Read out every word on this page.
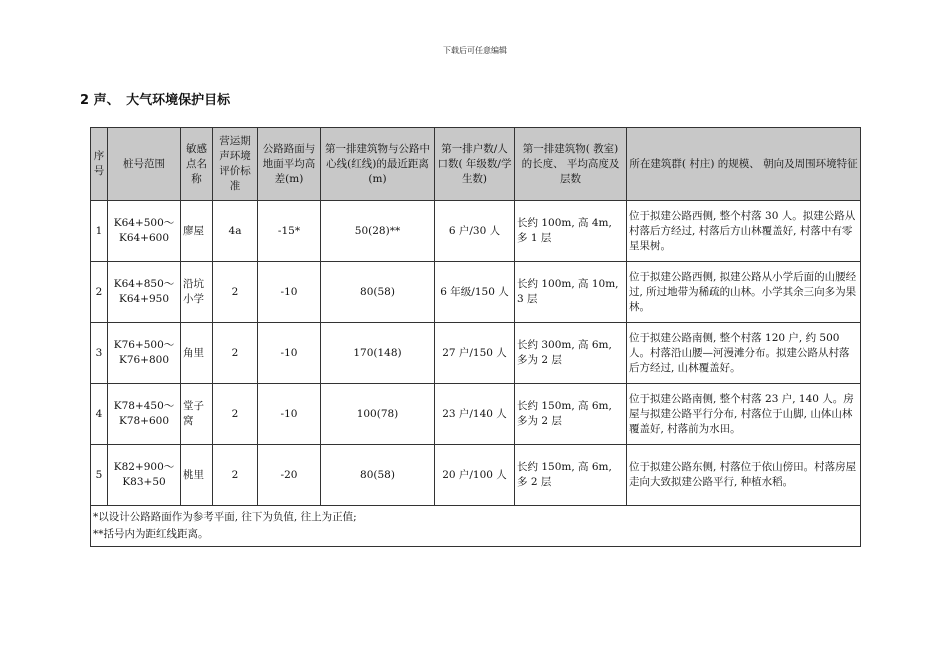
下载后可任意编辑
2 声、　大气环境保护目标
序号	桩号范围	敏感点名称	营运期声环境评价标准	公路路面与地面平均高差(m)	第一排建筑物与公路中心线(红线)的最近距离(m)	第一排户数/人口数( 年级数/学生数)	第一排建筑物( 教室) 的长度、 平均高度及层数	所在建筑群( 村庄) 的规模、 朝向及周围环境特征
1	K64+500～K64+600	廖屋	4a	-15*	50(28)**	6 户/30 人	长约 100m, 高 4m, 多 1 层	位于拟建公路西侧, 整个村落 30 人。拟建公路从村落后方经过, 村落后方山林覆盖好, 村落中有零星果树。
2	K64+850～K64+950	沿坑小学	2	-10	80(58)	6 年级/150 人	长约 100m, 高 10m, 3 层	位于拟建公路西侧, 拟建公路从小学后面的山腰经过, 所过地带为稀疏的山林。小学其余三向多为果林。
3	K76+500～K76+800	角里	2	-10	170(148)	27 户/150 人	长约 300m, 高 6m, 多为 2 层	位于拟建公路南侧, 整个村落 120 户, 约 500 人。村落沿山腰—河漫滩分布。拟建公路从村落后方经过, 山林覆盖好。
4	K78+450～K78+600	堂子窝	2	-10	100(78)	23 户/140 人	长约 150m, 高 6m, 多为 2 层	位于拟建公路南侧, 整个村落 23 户, 140 人。房屋与拟建公路平行分布, 村落位于山脚, 山体山林覆盖好, 村落前为水田。
5	K82+900～K83+50	桃里	2	-20	80(58)	20 户/100 人	长约 150m, 高 6m, 多 2 层	位于拟建公路东侧, 村落位于依山傍田。村落房屋走向大致拟建公路平行, 种植水稻。

*以设计公路路面作为参考平面, 往下为负值, 往上为正值;
**括号内为距红线距离。								
